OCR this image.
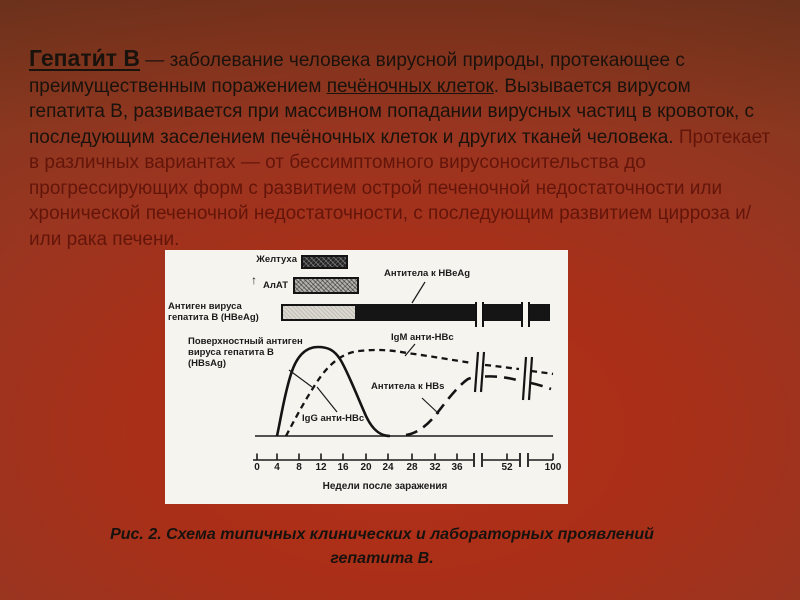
Гепати́т В — заболевание человека вирусной природы, протекающее с преимущественным поражением печёночных клеток. Вызывается вирусом гепатита В, развивается при массивном попадании вирусных частиц в кровоток, с последующим заселением печёночных клеток и других тканей человека. Протекает в различных вариантах — от бессимптомного вирусоносительства до прогрессирующих форм с развитием острой печеночной недостаточности или хронической печеночной недостаточности, с последующим развитием цирроза и/или рака печени.

Желтуха
↑ АлАТ
Антиген вируса
гепатита В (HBeAg)
Антитела к HBeAg
IgM анти-HBc
Поверхностный антиген
вируса гепатита В
(HBsAg)
Антитела к HBs
IgG анти-HBc
0	4	8	12	16	20	24	28	32	36	52	100
Недели после заражения
Рис. 2. Схема типичных клинических и лабораторных проявлений
гепатита В.
